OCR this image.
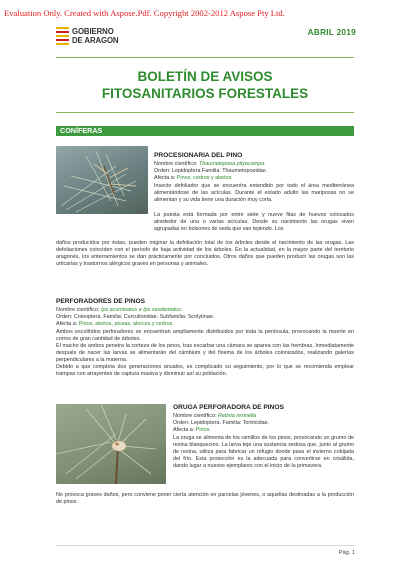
Evaluation Only. Created with Aspose.Pdf. Copyright 2002-2012 Aspose Pty Ltd.
GOBIERNO
DE ARAGON
ABRIL 2019
BOLETÍN DE AVISOS
FITOSANITARIOS FORESTALES
CONÍFERAS
PROCESIONARIA DEL PINO
Nombre científico: Thaumetopoea pityocampa.
Orden: Lepidoptera Familia: Thaumetopoeidae.
Afecta a: Pinos, cedros y abetos.
Insecto defoliador que se encuentra extendido por todo el área mediterránea alimentándose de las acículas. Durante el estado adulto las mariposas no se alimentan y su vida tiene una duración muy corta.
La puesta está formada por entre siete y nueve filas de huevos colocados alrededor de una o varias acículas. Desde su nacimiento las orugas viven agrupadas en bolsones de seda que van tejiendo. Los
daños producidos por éstas, pueden originar la defoliación total de los árboles desde el nacimiento de las orugas. Las defoliaciones coinciden con el período de baja actividad de los árboles. En la actualidad, en la mayor parte del territorio aragonés, los enterramientos se dan prácticamente por concluidos. Otros daños que pueden producir las orugas son las urticarias y trastornos alérgicos graves en personas y animales.
PERFORADORES DE PINOS
Nombre científico: Ips acuminatus e Ips sexdentatus.
Orden: Coleoptera. Familia: Curculionidae. Subfamilia: Scolytinae.
Afecta a: Pinos, abetos, piceas, alerces y cedros.
Ambos escolítidos perforadores se encuentran ampliamente distribuidos por toda la península, provocando la muerte en corros de gran cantidad de árboles.
El macho de ambos penetra la corteza de los pinos, tras escarbar una cámara se aparea con las hembras. Inmediatamente después de nacer las larvas se alimentarán del cámbium y del floema de los árboles colonizados, realizando galerías perpendiculares a la materna.
Debido a que completa dos generaciones anuales, es complicado su seguimiento, por lo que se recomienda emplear trampas con atrayentes de captura masiva y disminuir así su población.
ORUGA PERFORADORA DE PINOS
Nombre científico: Retinia resinella
Orden: Lepidoptera. Familia: Tortricidae.
Afecta a: Pinos.
La oruga se alimenta de los ramillos de los pinos, provocando un grumo de resina blanquecino. La larva teje una sustancia sedosa que, junto al grumo de resina, utiliza para fabricar un refugio donde pasa el invierno cobijada del frío. Esta protección es la adecuada para convertirse en crisálida, dando lugar a nuevos ejemplares con el inicio de la primavera.
No provoca graves daños, pero conviene poner cierta atención en parcelas jóvenes, o aquellas destinadas a la producción de pinos.
Pág. 1
